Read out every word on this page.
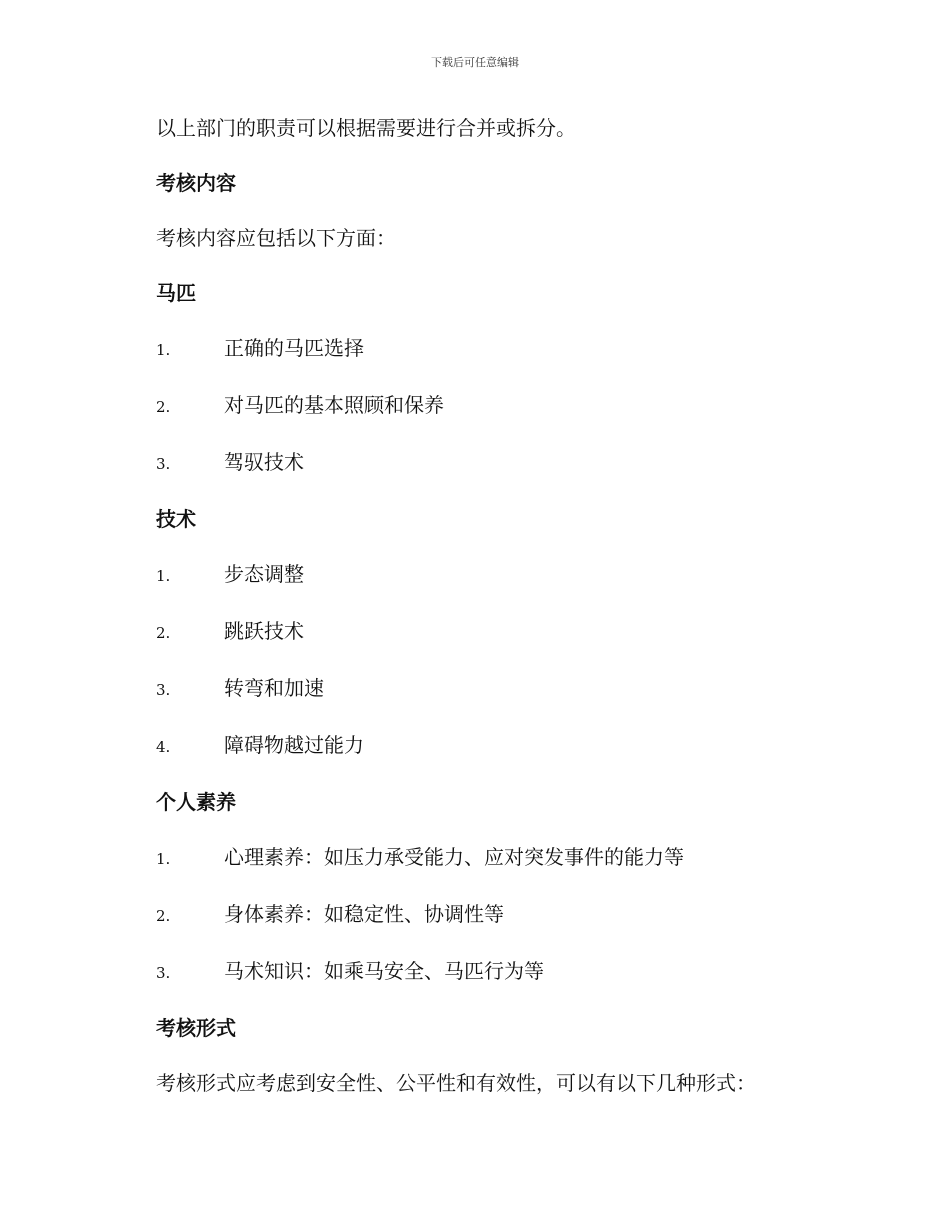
下载后可任意编辑

以上部门的职责可以根据需要进行合并或拆分。

考核内容

考核内容应包括以下方面：

马匹
1.	正确的马匹选择
2.	对马匹的基本照顾和保养
3.	驾驭技术
技术
1.	步态调整
2.	跳跃技术
3.	转弯和加速
4.	障碍物越过能力
个人素养
1.	心理素养：如压力承受能力、应对突发事件的能力等
2.	身体素养：如稳定性、协调性等
3.	马术知识：如乘马安全、马匹行为等
考核形式

考核形式应考虑到安全性、公平性和有效性，可以有以下几种形式：
